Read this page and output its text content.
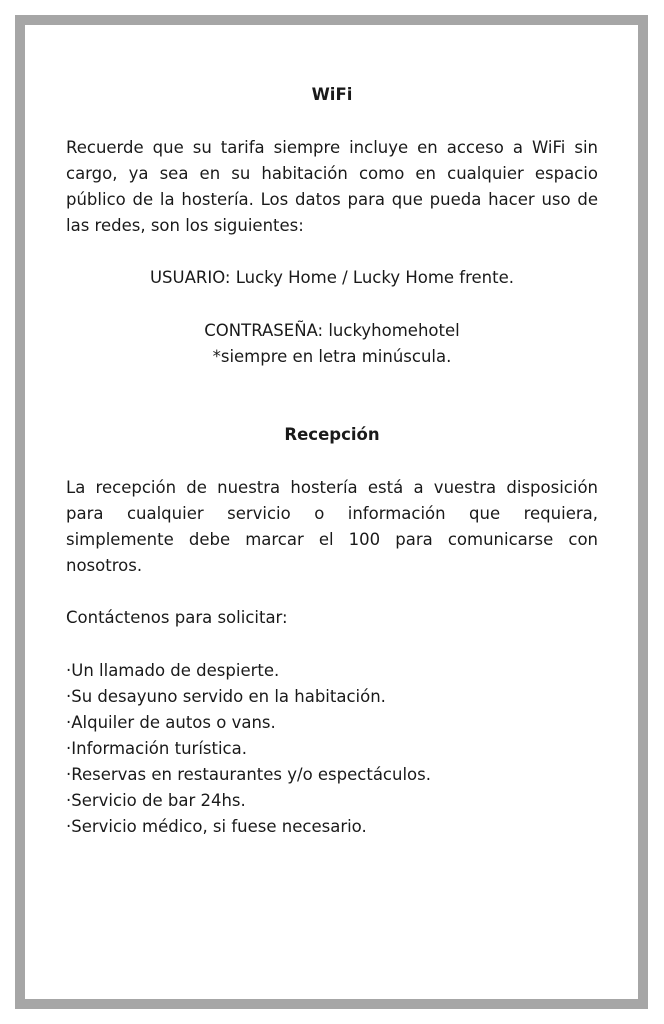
WiFi

Recuerde que su tarifa siempre incluye en acceso a WiFi sin cargo, ya sea en su habitación como en cualquier espacio público de la hostería. Los datos para que pueda hacer uso de las redes, son los siguientes:

USUARIO: Lucky Home / Lucky Home frente.

CONTRASEÑA: luckyhomehotel

*siempre en letra minúscula.

Recepción

La recepción de nuestra hostería está a vuestra disposición para cualquier servicio o información que requiera, simplemente debe marcar el 100 para comunicarse con nosotros.

Contáctenos para solicitar:

·Un llamado de despierte.
·Su desayuno servido en la habitación.
·Alquiler de autos o vans.
·Información turística.
·Reservas en restaurantes y/o espectáculos.
·Servicio de bar 24hs.
·Servicio médico, si fuese necesario.
